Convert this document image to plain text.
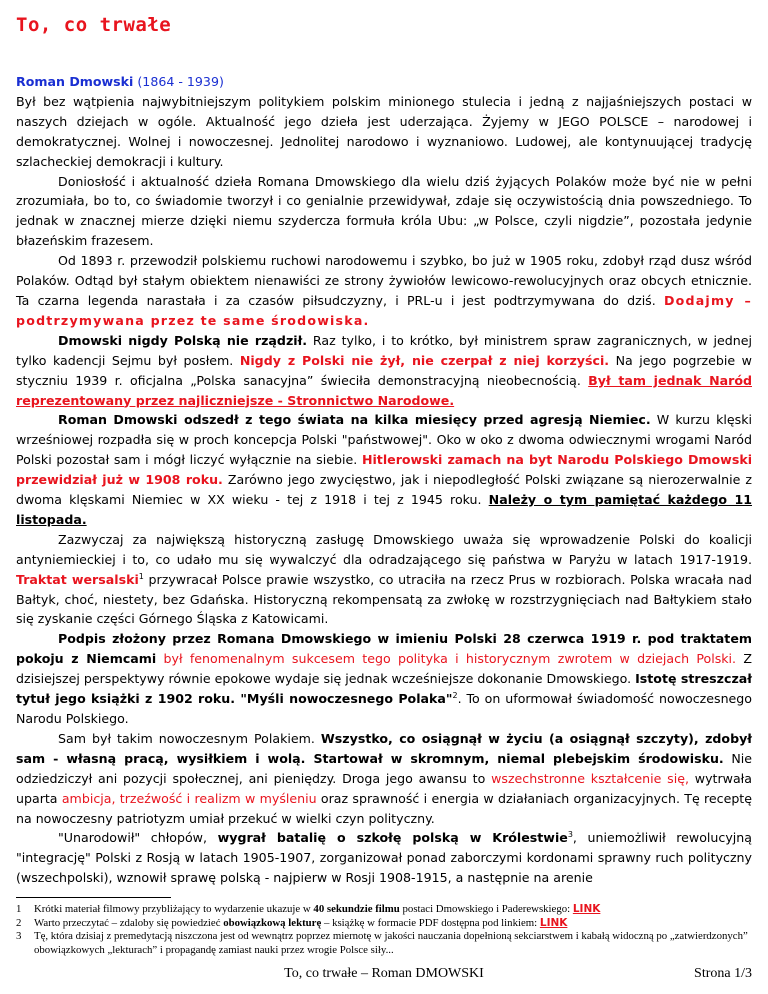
To, co trwałe

Roman Dmowski (1864 - 1939)
Był bez wątpienia najwybitniejszym politykiem polskim minionego stulecia i jedną z najjaśniejszych postaci w naszych dziejach w ogóle. Aktualność jego dzieła jest uderzająca. Żyjemy w JEGO POLSCE – narodowej i demokratycznej. Wolnej i nowoczesnej. Jednolitej narodowo i wyznaniowo. Ludowej, ale kontynuującej tradycję szlacheckiej demokracji i kultury.

Doniosłość i aktualność dzieła Romana Dmowskiego dla wielu dziś żyjących Polaków może być nie w pełni zrozumiała, bo to, co świadomie tworzył i co genialnie przewidywał, zdaje się oczywistością dnia powszedniego. To jednak w znacznej mierze dzięki niemu szydercza formuła króla Ubu: „w Polsce, czyli nigdzie”, pozostała jedynie błazeńskim frazesem.

Od 1893 r. przewodził polskiemu ruchowi narodowemu i szybko, bo już w 1905 roku, zdobył rząd dusz wśród Polaków. Odtąd był stałym obiektem nienawiści ze strony żywiołów lewicowo-rewolucyjnych oraz obcych etnicznie. Ta czarna legenda narastała i za czasów piłsudczyzny, i PRL-u i jest podtrzymywana do dziś. Dodajmy – podtrzymywana przez te same środowiska.

Dmowski nigdy Polską nie rządził. Raz tylko, i to krótko, był ministrem spraw zagranicznych, w jednej tylko kadencji Sejmu był posłem. Nigdy z Polski nie żył, nie czerpał z niej korzyści. Na jego pogrzebie w styczniu 1939 r. oficjalna „Polska sanacyjna” świeciła demonstracyjną nieobecnością. Był tam jednak Naród reprezentowany przez najliczniejsze - Stronnictwo Narodowe.

Roman Dmowski odszedł z tego świata na kilka miesięcy przed agresją Niemiec. W kurzu klęski wrześniowej rozpadła się w proch koncepcja Polski "państwowej". Oko w oko z dwoma odwiecznymi wrogami Naród Polski pozostał sam i mógł liczyć wyłącznie na siebie. Hitlerowski zamach na byt Narodu Polskiego Dmowski przewidział już w 1908 roku. Zarówno jego zwycięstwo, jak i niepodległość Polski związane są nierozerwalnie z dwoma klęskami Niemiec w XX wieku - tej z 1918 i tej z 1945 roku. Należy o tym pamiętać każdego 11 listopada.

Zazwyczaj za największą historyczną zasługę Dmowskiego uważa się wprowadzenie Polski do koalicji antyniemieckiej i to, co udało mu się wywalczyć dla odradzającego się państwa w Paryżu w latach 1917-1919. Traktat wersalski$^1$ przywracał Polsce prawie wszystko, co utraciła na rzecz Prus w rozbiorach. Polska wracała nad Bałtyk, choć, niestety, bez Gdańska. Historyczną rekompensatą za zwłokę w rozstrzygnięciach nad Bałtykiem stało się zyskanie części Górnego Śląska z Katowicami.

Podpis złożony przez Romana Dmowskiego w imieniu Polski 28 czerwca 1919 r. pod traktatem pokoju z Niemcami był fenomenalnym sukcesem tego polityka i historycznym zwrotem w dziejach Polski. Z dzisiejszej perspektywy równie epokowe wydaje się jednak wcześniejsze dokonanie Dmowskiego. Istotę streszczał tytuł jego książki z 1902 roku. "Myśli nowoczesnego Polaka"$^2$. To on uformował świadomość nowoczesnego Narodu Polskiego.

Sam był takim nowoczesnym Polakiem. Wszystko, co osiągnął w życiu (a osiągnął szczyty), zdobył sam - własną pracą, wysiłkiem i wolą. Startował w skromnym, niemal plebejskim środowisku. Nie odziedziczył ani pozycji społecznej, ani pieniędzy. Droga jego awansu to wszechstronne kształcenie się, wytrwała uparta ambicja, trzeźwość i realizm w myśleniu oraz sprawność i energia w działaniach organizacyjnych. Tę receptę na nowoczesny patriotyzm umiał przekuć w wielki czyn polityczny.

"Unarodowił" chłopów, wygrał batalię o szkołę polską w Królestwie$^3$, uniemożliwił rewolucyjną "integrację" Polski z Rosją w latach 1905-1907, zorganizował ponad zaborczymi kordonami sprawny ruch polityczny (wszechpolski), wznowił sprawę polską - najpierw w Rosji 1908-1915, a następnie na arenie

1	Krótki materiał filmowy przybliżający to wydarzenie ukazuje w 40 sekundzie filmu postaci Dmowskiego i Paderewskiego: LINK
2	Warto przeczytać – zdaloby się powiedzieć obowiązkową lekturę – książkę w formacie PDF dostępna pod linkiem: LINK
3	Tę, która dzisiaj z premedytacją niszczona jest od wewnątrz poprzez miernotę w jakości nauczania dopełnioną sekciarstwem i kabałą widoczną po „zatwierdzonych” obowiązkowych „lekturach” i propagandę zamiast nauki przez wrogie Polsce siły...
To, co trwałe – Roman DMOWSKI	Strona 1/3
